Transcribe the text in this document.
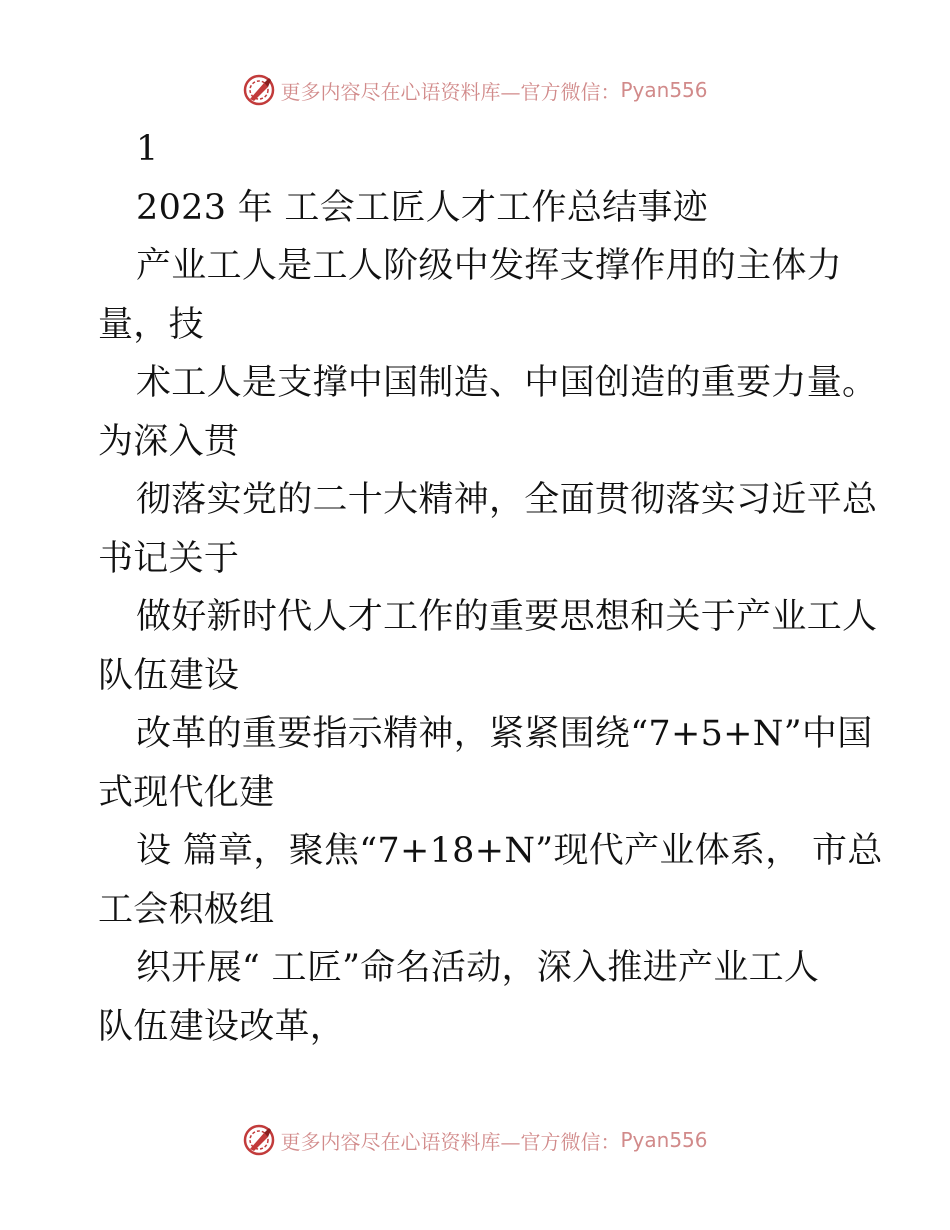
更多内容尽在心语资料库—官方微信： Pyan556
1
2023 年 工会工匠人才工作总结事迹
产业工人是工人阶级中发挥支撑作用的主体力
量，技
术工人是支撑中国制造、中国创造的重要力量。
为深入贯
彻落实党的二十大精神，全面贯彻落实习近平总
书记关于
做好新时代人才工作的重要思想和关于产业工人
队伍建设
改革的重要指示精神，紧紧围绕“7+5+N”中国
式现代化建
设 篇章，聚焦“7+18+N”现代产业体系， 市总
工会积极组
织开展“ 工匠”命名活动，深入推进产业工人
队伍建设改革，
更多内容尽在心语资料库—官方微信： Pyan556
